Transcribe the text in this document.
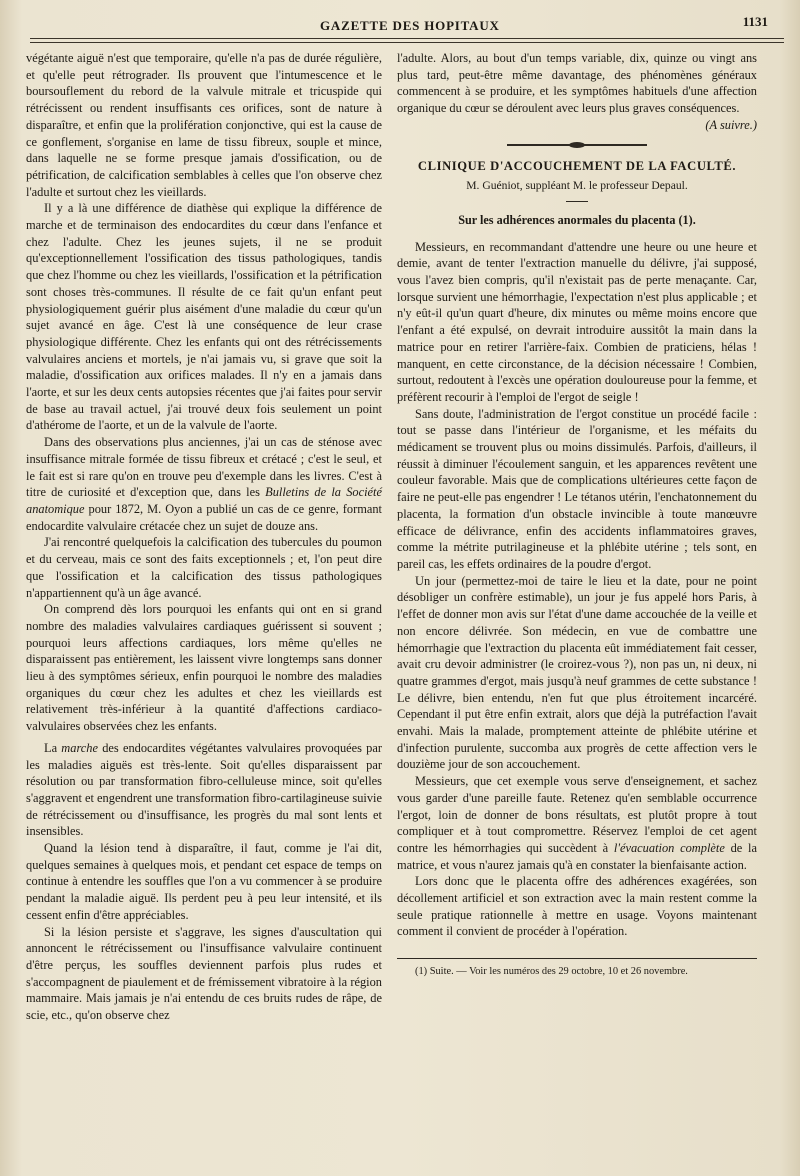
GAZETTE DES HOPITAUX	1131

végétante aiguë n'est que temporaire, qu'elle n'a pas de durée régulière, et qu'elle peut rétrograder. Ils prouvent que l'intumescence et le boursouflement du rebord de la valvule mitrale et tricuspide qui rétrécissent ou rendent insuffisants ces orifices, sont de nature à disparaître, et enfin que la prolifération conjonctive, qui est la cause de ce gonflement, s'organise en lame de tissu fibreux, souple et mince, dans laquelle ne se forme presque jamais d'ossification, ou de pétrification, de calcification semblables à celles que l'on observe chez l'adulte et surtout chez les vieillards.

Il y a là une différence de diathèse qui explique la différence de marche et de terminaison des endocardites du cœur dans l'enfance et chez l'adulte. Chez les jeunes sujets, il ne se produit qu'exceptionnellement l'ossification des tissus pathologiques, tandis que chez l'homme ou chez les vieillards, l'ossification et la pétrification sont choses très-communes. Il résulte de ce fait qu'un enfant peut physiologiquement guérir plus aisément d'une maladie du cœur qu'un sujet avancé en âge. C'est là une conséquence de leur crase physiologique différente. Chez les enfants qui ont des rétrécissements valvulaires anciens et mortels, je n'ai jamais vu, si grave que soit la maladie, d'ossification aux orifices malades. Il n'y en a jamais dans l'aorte, et sur les deux cents autopsies récentes que j'ai faites pour servir de base au travail actuel, j'ai trouvé deux fois seulement un point d'athérome de l'aorte, et un de la valvule de l'aorte.

Dans des observations plus anciennes, j'ai un cas de sténose avec insuffisance mitrale formée de tissu fibreux et crétacé ; c'est le seul, et le fait est si rare qu'on en trouve peu d'exemple dans les livres. C'est à titre de curiosité et d'exception que, dans les Bulletins de la Société anatomique pour 1872, M. Oyon a publié un cas de ce genre, formant endocardite valvulaire crétacée chez un sujet de douze ans.

J'ai rencontré quelquefois la calcification des tubercules du poumon et du cerveau, mais ce sont des faits exceptionnels ; et, l'on peut dire que l'ossification et la calcification des tissus pathologiques n'appartiennent qu'à un âge avancé.

On comprend dès lors pourquoi les enfants qui ont en si grand nombre des maladies valvulaires cardiaques guérissent si souvent ; pourquoi leurs affections cardiaques, lors même qu'elles ne disparaissent pas entièrement, les laissent vivre longtemps sans donner lieu à des symptômes sérieux, enfin pourquoi le nombre des maladies organiques du cœur chez les adultes et chez les vieillards est relativement très-inférieur à la quantité d'affections cardiaco-valvulaires observées chez les enfants.

La marche des endocardites végétantes valvulaires provoquées par les maladies aiguës est très-lente. Soit qu'elles disparaissent par résolution ou par transformation fibro-celluleuse mince, soit qu'elles s'aggravent et engendrent une transformation fibro-cartilagineuse suivie de rétrécissement ou d'insuffisance, les progrès du mal sont lents et insensibles.

Quand la lésion tend à disparaître, il faut, comme je l'ai dit, quelques semaines à quelques mois, et pendant cet espace de temps on continue à entendre les souffles que l'on a vu commencer à se produire pendant la maladie aiguë. Ils perdent peu à peu leur intensité, et ils cessent enfin d'être appréciables.

Si la lésion persiste et s'aggrave, les signes d'auscultation qui annoncent le rétrécissement ou l'insuffisance valvulaire continuent d'être perçus, les souffles deviennent parfois plus rudes et s'accompagnent de piaulement et de frémissement vibratoire à la région mammaire. Mais jamais je n'ai entendu de ces bruits rudes de râpe, de scie, etc., qu'on observe chez

l'adulte. Alors, au bout d'un temps variable, dix, quinze ou vingt ans plus tard, peut-être même davantage, des phénomènes généraux commencent à se produire, et les symptômes habituels d'une affection organique du cœur se déroulent avec leurs plus graves conséquences.

(A suivre.)

CLINIQUE D'ACCOUCHEMENT DE LA FACULTÉ.
M. Guéniot, suppléant M. le professeur Depaul.
Sur les adhérences anormales du placenta (1).

Messieurs, en recommandant d'attendre une heure ou une heure et demie, avant de tenter l'extraction manuelle du délivre, j'ai supposé, vous l'avez bien compris, qu'il n'existait pas de perte menaçante. Car, lorsque survient une hémorrhagie, l'expectation n'est plus applicable ; et n'y eût-il qu'un quart d'heure, dix minutes ou même moins encore que l'enfant a été expulsé, on devrait introduire aussitôt la main dans la matrice pour en retirer l'arrière-faix. Combien de praticiens, hélas ! manquent, en cette circonstance, de la décision nécessaire ! Combien, surtout, redoutent à l'excès une opération douloureuse pour la femme, et préfèrent recourir à l'emploi de l'ergot de seigle !

Sans doute, l'administration de l'ergot constitue un procédé facile : tout se passe dans l'intérieur de l'organisme, et les méfaits du médicament se trouvent plus ou moins dissimulés. Parfois, d'ailleurs, il réussit à diminuer l'écoulement sanguin, et les apparences revêtent une couleur favorable. Mais que de complications ultérieures cette façon de faire ne peut-elle pas engendrer ! Le tétanos utérin, l'enchatonnement du placenta, la formation d'un obstacle invincible à toute manœuvre efficace de délivrance, enfin des accidents inflammatoires graves, comme la métrite putrilagineuse et la phlébite utérine ; tels sont, en pareil cas, les effets ordinaires de la poudre d'ergot.

Un jour (permettez-moi de taire le lieu et la date, pour ne point désobliger un confrère estimable), un jour je fus appelé hors Paris, à l'effet de donner mon avis sur l'état d'une dame accouchée de la veille et non encore délivrée. Son médecin, en vue de combattre une hémorrhagie que l'extraction du placenta eût immédiatement fait cesser, avait cru devoir administrer (le croirez-vous ?), non pas un, ni deux, ni quatre grammes d'ergot, mais jusqu'à neuf grammes de cette substance ! Le délivre, bien entendu, n'en fut que plus étroitement incarcéré. Cependant il put être enfin extrait, alors que déjà la putréfaction l'avait envahi. Mais la malade, promptement atteinte de phlébite utérine et d'infection purulente, succomba aux progrès de cette affection vers le douzième jour de son accouchement.

Messieurs, que cet exemple vous serve d'enseignement, et sachez vous garder d'une pareille faute. Retenez qu'en semblable occurrence l'ergot, loin de donner de bons résultats, est plutôt propre à tout compliquer et à tout compromettre. Réservez l'emploi de cet agent contre les hémorrhagies qui succèdent à l'évacuation complète de la matrice, et vous n'aurez jamais qu'à en constater la bienfaisante action.

Lors donc que le placenta offre des adhérences exagérées, son décollement artificiel et son extraction avec la main restent comme la seule pratique rationnelle à mettre en usage. Voyons maintenant comment il convient de procéder à l'opération.

(1) Suite. — Voir les numéros des 29 octobre, 10 et 26 novembre.
